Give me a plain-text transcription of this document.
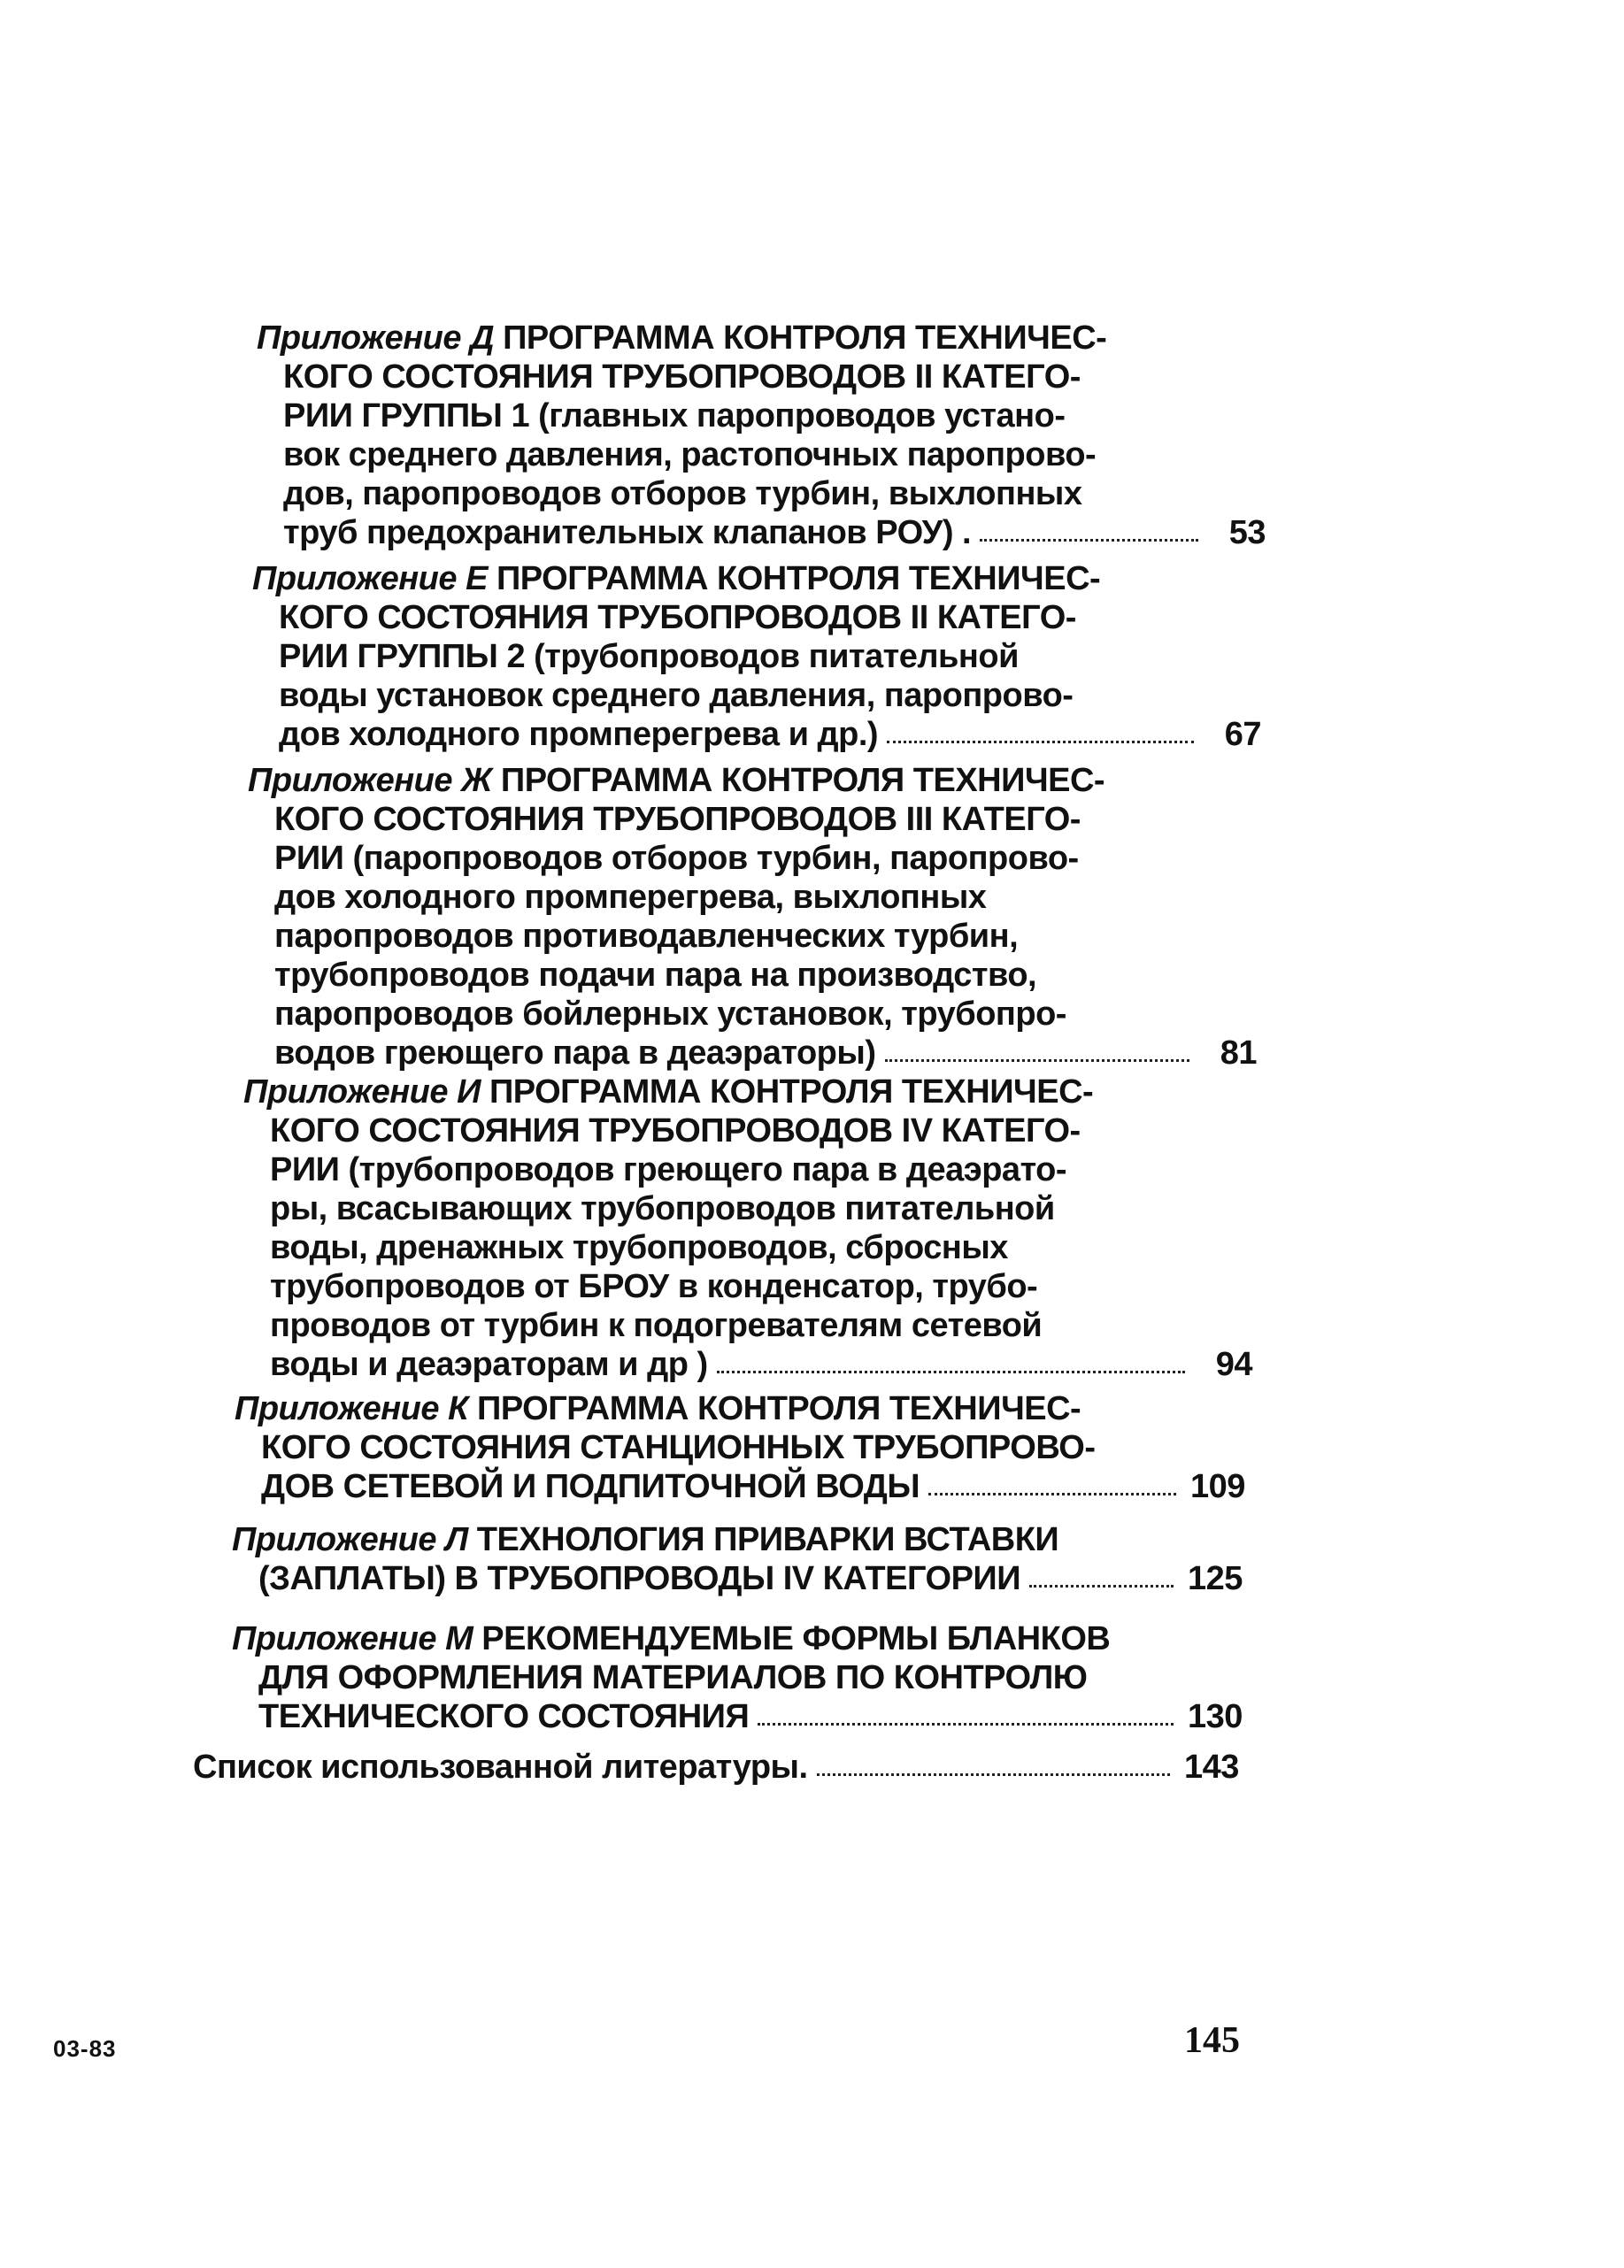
Приложение Д ПРОГРАММА КОНТРОЛЯ ТЕХНИЧЕС-
КОГО СОСТОЯНИЯ ТРУБОПРОВОДОВ II КАТЕГО-
РИИ ГРУППЫ 1 (главных паропроводов устано-
вок среднего давления, растопочных паропрово-
дов, паропроводов отборов турбин, выхлопных
труб предохранительных клапанов РОУ) .	53
Приложение Е ПРОГРАММА КОНТРОЛЯ ТЕХНИЧЕС-
КОГО СОСТОЯНИЯ ТРУБОПРОВОДОВ II КАТЕГО-
РИИ ГРУППЫ 2 (трубопроводов питательной
воды установок среднего давления, паропрово-
дов холодного промперегрева и др.)	67
Приложение Ж ПРОГРАММА КОНТРОЛЯ ТЕХНИЧЕС-
КОГО СОСТОЯНИЯ ТРУБОПРОВОДОВ III КАТЕГО-
РИИ (паропроводов отборов турбин, паропрово-
дов холодного промперегрева, выхлопных
паропроводов противодавленческих турбин,
трубопроводов подачи пара на производство,
паропроводов бойлерных установок, трубопро-
водов греющего пара в деаэраторы)	81
Приложение И ПРОГРАММА КОНТРОЛЯ ТЕХНИЧЕС-
КОГО СОСТОЯНИЯ ТРУБОПРОВОДОВ IV КАТЕГО-
РИИ (трубопроводов греющего пара в деаэрато-
ры, всасывающих трубопроводов питательной
воды, дренажных трубопроводов, сбросных
трубопроводов от БРОУ в конденсатор, трубо-
проводов от турбин к подогревателям сетевой
воды и деаэраторам и др )	94
Приложение К ПРОГРАММА КОНТРОЛЯ ТЕХНИЧЕС-
КОГО СОСТОЯНИЯ СТАНЦИОННЫХ ТРУБОПРОВО-
ДОВ СЕТЕВОЙ И ПОДПИТОЧНОЙ ВОДЫ	109
Приложение Л ТЕХНОЛОГИЯ ПРИВАРКИ ВСТАВКИ
(ЗАПЛАТЫ) В ТРУБОПРОВОДЫ IV КАТЕГОРИИ	125
Приложение М РЕКОМЕНДУЕМЫЕ ФОРМЫ БЛАНКОВ
ДЛЯ ОФОРМЛЕНИЯ МАТЕРИАЛОВ ПО КОНТРОЛЮ
ТЕХНИЧЕСКОГО СОСТОЯНИЯ	130
Список использованной литературы.	143
03-83	145
